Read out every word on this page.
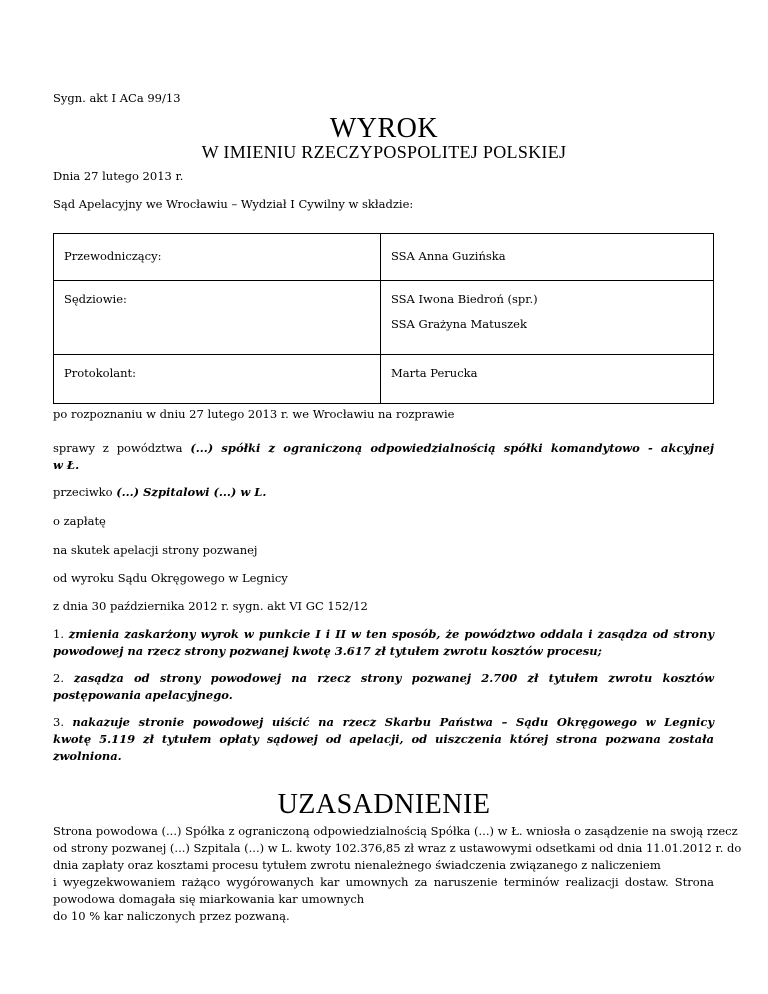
Sygn. akt I ACa 99/13

WYROK
W IMIENIU RZECZYPOSPOLITEJ POLSKIEJ

Dnia 27 lutego 2013 r.

Sąd Apelacyjny we Wrocławiu – Wydział I Cywilny w składzie:

Przewodniczący:	SSA Anna Guzińska

Sędziowie:	SSA Iwona Biedroń (spr.)
SSA Grażyna Matuszek

Protokolant:	Marta Perucka

po rozpoznaniu w dniu 27 lutego 2013 r. we Wrocławiu na rozprawie

sprawy z powództwa (...) spółki z ograniczoną odpowiedzialnością spółki komandytowo - akcyjnej
w Ł.

przeciwko (...) Szpitalowi (...) w L.

o zapłatę

na skutek apelacji strony pozwanej

od wyroku Sądu Okręgowego w Legnicy

z dnia 30 października 2012 r. sygn. akt VI GC 152/12

1. zmienia zaskarżony wyrok w punkcie I i II w ten sposób, że powództwo oddala i zasądza od strony
powodowej na rzecz strony pozwanej kwotę 3.617 zł tytułem zwrotu kosztów procesu;
2. zasądza od strony powodowej na rzecz strony pozwanej 2.700 zł tytułem zwrotu kosztów
postępowania apelacyjnego.
3. nakazuje stronie powodowej uiścić na rzecz Skarbu Państwa – Sądu Okręgowego w Legnicy
kwotę 5.119 zł tytułem opłaty sądowej od apelacji, od uiszczenia której strona pozwana została
zwolniona.
UZASADNIENIE
Strona powodowa (...) Spółka z ograniczoną odpowiedzialnością Spółka (...) w Ł. wniosła o zasądzenie na swoją rzecz
od strony pozwanej (...) Szpitala (...) w L. kwoty 102.376,85 zł wraz z ustawowymi odsetkami od dnia 11.01.2012 r. do
dnia zapłaty oraz kosztami procesu tytułem zwrotu nienależnego świadczenia związanego z naliczeniem
i wyegzekwowaniem rażąco wygórowanych kar umownych za naruszenie terminów realizacji dostaw. Strona
powodowa domagała się miarkowania kar umownych
do 10 % kar naliczonych przez pozwaną.
